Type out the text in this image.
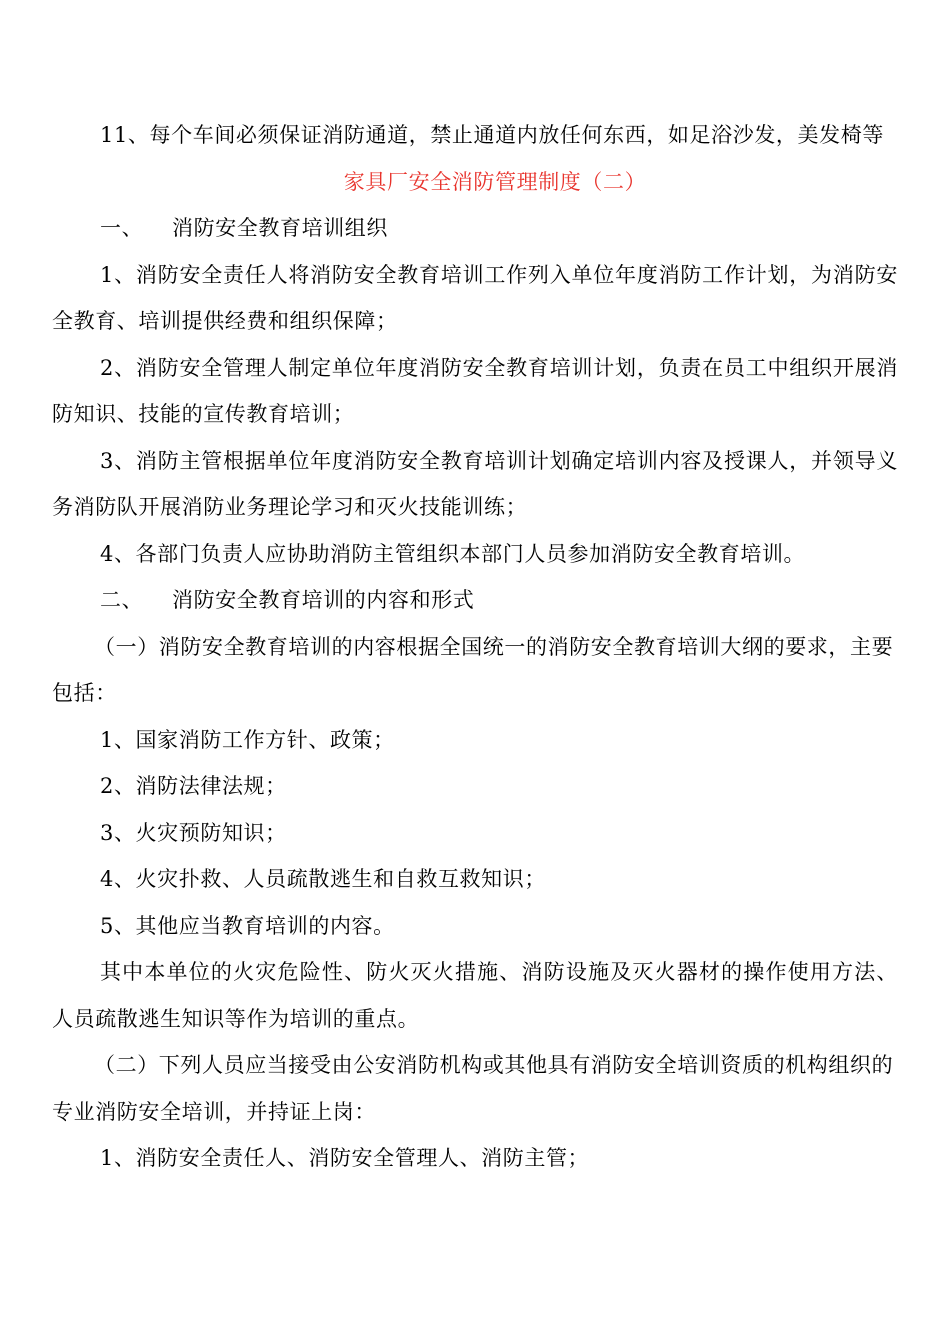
11、每个车间必须保证消防通道，禁止通道内放任何东西，如足浴沙发，美发椅等

家具厂安全消防管理制度（二）

一、	消防安全教育培训组织

1、消防安全责任人将消防安全教育培训工作列入单位年度消防工作计划，为消防安全教育、培训提供经费和组织保障；

2、消防安全管理人制定单位年度消防安全教育培训计划，负责在员工中组织开展消防知识、技能的宣传教育培训；

3、消防主管根据单位年度消防安全教育培训计划确定培训内容及授课人，并领导义务消防队开展消防业务理论学习和灭火技能训练；

4、各部门负责人应协助消防主管组织本部门人员参加消防安全教育培训。

二、	消防安全教育培训的内容和形式

（一）消防安全教育培训的内容根据全国统一的消防安全教育培训大纲的要求，主要包括：

1、国家消防工作方针、政策；

2、消防法律法规；

3、火灾预防知识；

4、火灾扑救、人员疏散逃生和自救互救知识；

5、其他应当教育培训的内容。

其中本单位的火灾危险性、防火灭火措施、消防设施及灭火器材的操作使用方法、人员疏散逃生知识等作为培训的重点。

（二）下列人员应当接受由公安消防机构或其他具有消防安全培训资质的机构组织的专业消防安全培训，并持证上岗：

1、消防安全责任人、消防安全管理人、消防主管；
